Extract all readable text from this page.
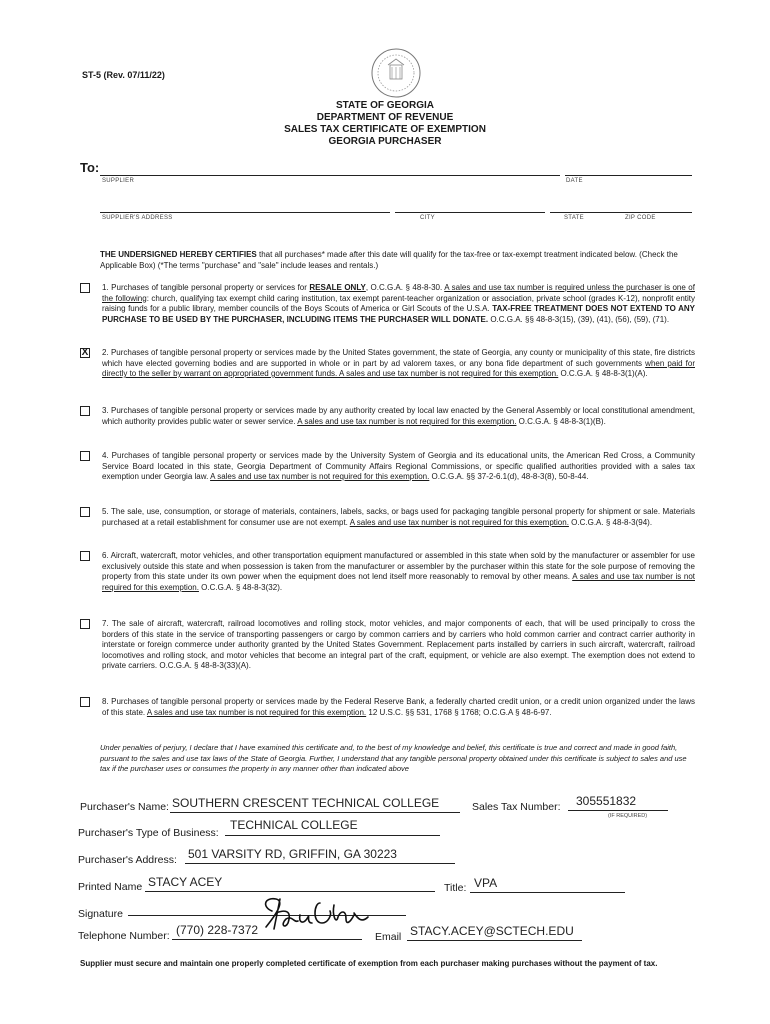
ST-5 (Rev. 07/11/22)
STATE OF GEORGIA
DEPARTMENT OF REVENUE
SALES TAX CERTIFICATE OF EXEMPTION
GEORGIA PURCHASER
To:
SUPPLIER	DATE
SUPPLIER'S ADDRESS	CITY	STATE	ZIP CODE
THE UNDERSIGNED HEREBY CERTIFIES that all purchases* made after this date will qualify for the tax-free or tax-exempt treatment indicated below. (Check the Applicable Box) (*The terms "purchase" and "sale" include leases and rentals.)
1. Purchases of tangible personal property or services for RESALE ONLY, O.C.G.A. § 48-8-30. A sales and use tax number is required unless the purchaser is one of the following: church, qualifying tax exempt child caring institution, tax exempt parent-teacher organization or association, private school (grades K-12), nonprofit entity raising funds for a public library, member councils of the Boys Scouts of America or Girl Scouts of the U.S.A. TAX-FREE TREATMENT DOES NOT EXTEND TO ANY PURCHASE TO BE USED BY THE PURCHASER, INCLUDING ITEMS THE PURCHASER WILL DONATE. O.C.G.A. §§ 48-8-3(15), (39), (41), (56), (59), (71).
X 2. Purchases of tangible personal property or services made by the United States government, the state of Georgia, any county or municipality of this state, fire districts which have elected governing bodies and are supported in whole or in part by ad valorem taxes, or any bona fide department of such governments when paid for directly to the seller by warrant on appropriated government funds. A sales and use tax number is not required for this exemption. O.C.G.A. § 48-8-3(1)(A).
3. Purchases of tangible personal property or services made by any authority created by local law enacted by the General Assembly or local constitutional amendment, which authority provides public water or sewer service. A sales and use tax number is not required for this exemption. O.C.G.A. § 48-8-3(1)(B).
4. Purchases of tangible personal property or services made by the University System of Georgia and its educational units, the American Red Cross, a Community Service Board located in this state, Georgia Department of Community Affairs Regional Commissions, or specific qualified authorities provided with a sales tax exemption under Georgia law. A sales and use tax number is not required for this exemption. O.C.G.A. §§ 37-2-6.1(d), 48-8-3(8), 50-8-44.
5. The sale, use, consumption, or storage of materials, containers, labels, sacks, or bags used for packaging tangible personal property for shipment or sale. Materials purchased at a retail establishment for consumer use are not exempt. A sales and use tax number is not required for this exemption. O.C.G.A. § 48-8-3(94).
6. Aircraft, watercraft, motor vehicles, and other transportation equipment manufactured or assembled in this state when sold by the manufacturer or assembler for use exclusively outside this state and when possession is taken from the manufacturer or assembler by the purchaser within this state for the sole purpose of removing the property from this state under its own power when the equipment does not lend itself more reasonably to removal by other means. A sales and use tax number is not required for this exemption. O.C.G.A. § 48-8-3(32).
7. The sale of aircraft, watercraft, railroad locomotives and rolling stock, motor vehicles, and major components of each, that will be used principally to cross the borders of this state in the service of transporting passengers or cargo by common carriers and by carriers who hold common carrier and contract carrier authority in interstate or foreign commerce under authority granted by the United States Government. Replacement parts installed by carriers in such aircraft, watercraft, railroad locomotives and rolling stock, and motor vehicles that become an integral part of the craft, equipment, or vehicle are also exempt. The exemption does not extend to private carriers. O.C.G.A. § 48-8-3(33)(A).
8. Purchases of tangible personal property or services made by the Federal Reserve Bank, a federally charted credit union, or a credit union organized under the laws of this state. A sales and use tax number is not required for this exemption. 12 U.S.C. §§ 531, 1768 § 1768; O.C.G.A § 48-6-97.
Under penalties of perjury, I declare that I have examined this certificate and, to the best of my knowledge and belief, this certificate is true and correct and made in good faith, pursuant to the sales and use tax laws of the State of Georgia. Further, I understand that any tangible personal property obtained under this certificate is subject to sales and use tax if the purchaser uses or consumes the property in any manner other than indicated above
Purchaser's Name: SOUTHERN CRESCENT TECHNICAL COLLEGE	Sales Tax Number: 305551832
(IF REQUIRED)
Purchaser's Type of Business:
TECHNICAL COLLEGE
Purchaser's Address: 501 VARSITY RD, GRIFFIN, GA 30223
Printed Name STACY ACEY	Title: VPA
Signature
Telephone Number: (770) 228-7372	Email STACY.ACEY@SCTECH.EDU
Supplier must secure and maintain one properly completed certificate of exemption from each purchaser making purchases without the payment of tax.
